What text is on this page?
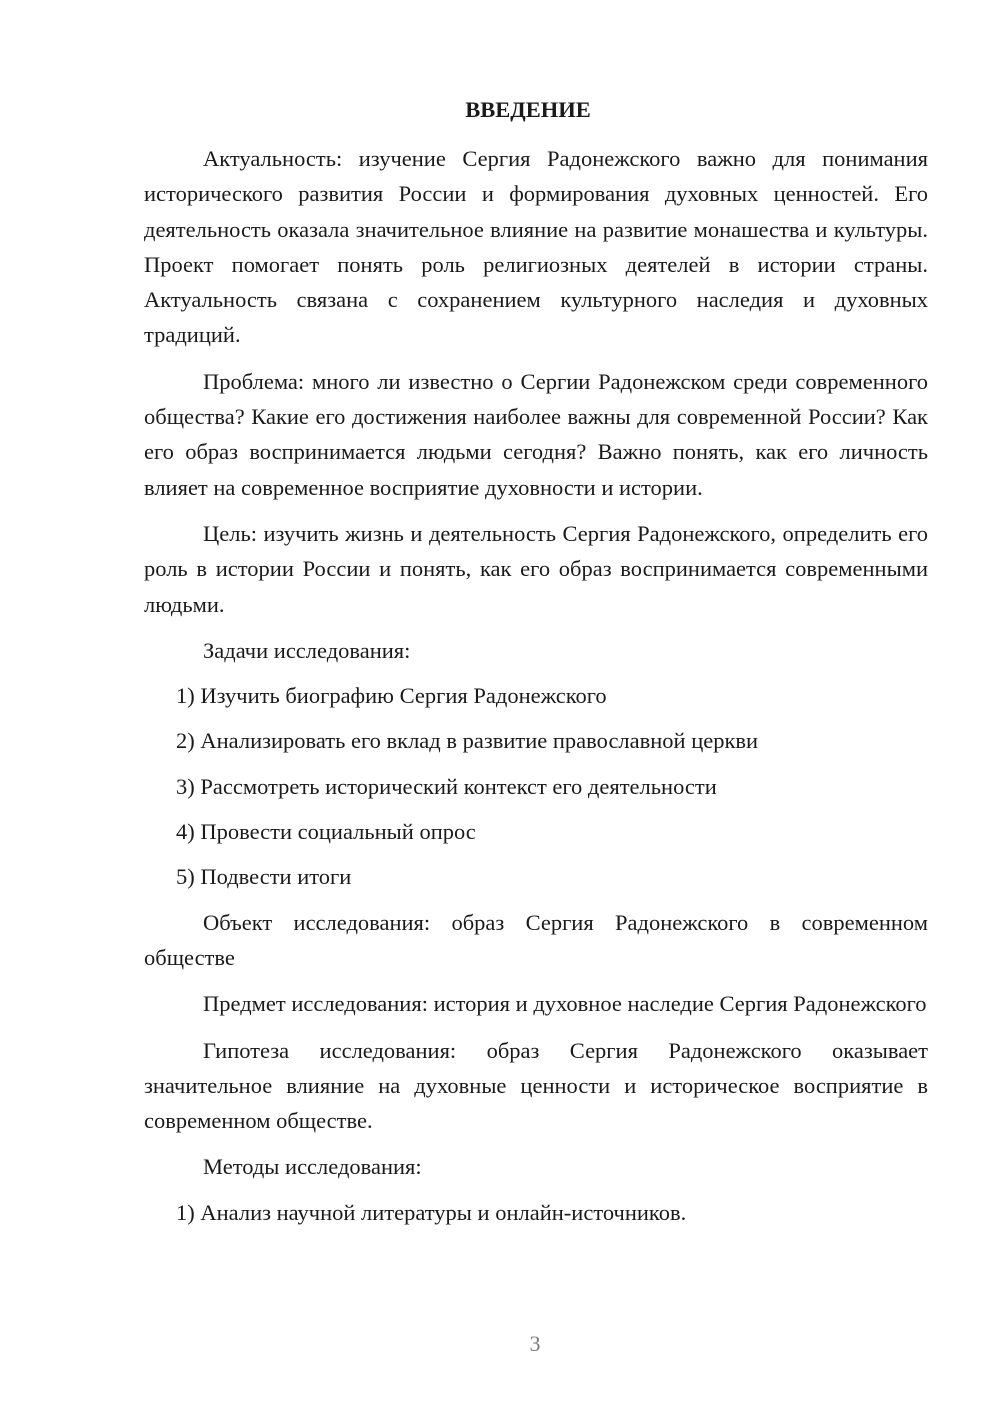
ВВЕДЕНИЕ

Актуальность: изучение Сергия Радонежского важно для понимания исторического развития России и формирования духовных ценностей. Его деятельность оказала значительное влияние на развитие монашества и культуры. Проект помогает понять роль религиозных деятелей в истории страны. Актуальность связана с сохранением культурного наследия и духовных традиций.

Проблема: много ли известно о Сергии Радонежском среди современного общества? Какие его достижения наиболее важны для современной России? Как его образ воспринимается людьми сегодня? Важно понять, как его личность влияет на современное восприятие духовности и истории.

Цель: изучить жизнь и деятельность Сергия Радонежского, определить его роль в истории России и понять, как его образ воспринимается современными людьми.

Задачи исследования:
1) Изучить биографию Сергия Радонежского
2) Анализировать его вклад в развитие православной церкви
3) Рассмотреть исторический контекст его деятельности
4) Провести социальный опрос
5) Подвести итоги

Объект исследования: образ Сергия Радонежского в современном обществе

Предмет исследования: история и духовное наследие Сергия Радонежского

Гипотеза исследования: образ Сергия Радонежского оказывает значительное влияние на духовные ценности и историческое восприятие в современном обществе.

Методы исследования:
1) Анализ научной литературы и онлайн-источников.
3
